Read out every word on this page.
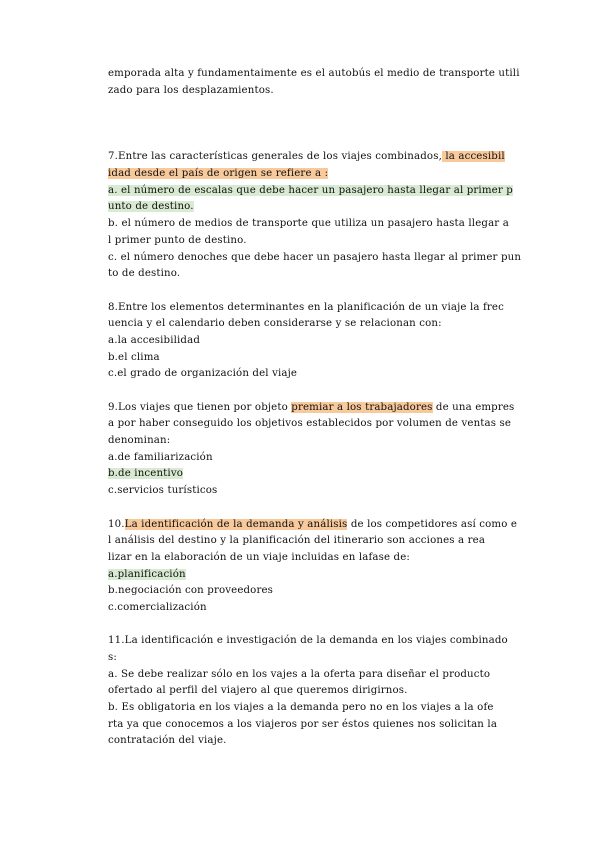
emporada alta y fundamentaimente es el autobús el medio de transporte utili
zado para los desplazamientos.
7.Entre las características generales de los viajes combinados, la accesibil
idad desde el país de origen se refiere a :
a. el número de escalas que debe hacer un pasajero hasta llegar al primer p
unto de destino.
b. el número de medios de transporte que utiliza un pasajero hasta llegar a
l primer punto de destino.
c. el número denoches que debe hacer un pasajero hasta llegar al primer pun
to de destino.
8.Entre los elementos determinantes en la planificación de un viaje la frec
uencia y el calendario deben considerarse y se relacionan con:
a.la accesibilidad
b.el clima
c.el grado de organización del viaje
9.Los viajes que tienen por objeto premiar a los trabajadores de una empres
a por haber conseguido los objetivos establecidos por volumen de ventas se
denominan:
a.de familiarización
b.de incentivo
c.servicios turísticos
10.La identificación de la demanda y análisis de los competidores así como e
l análisis del destino y la planificación del itinerario son acciones a rea
lizar en la elaboración de un viaje incluidas en lafase de:
a.planificación
b.negociación con proveedores
c.comercialización
11.La identificación e investigación de la demanda en los viajes combinado
s:
a. Se debe realizar sólo en los vajes a la oferta para diseñar el producto
ofertado al perfil del viajero al que queremos dirigirnos.
b. Es obligatoria en los viajes a la demanda pero no en los viajes a la ofe
rta ya que conocemos a los viajeros por ser éstos quienes nos solicitan la
contratación del viaje.
